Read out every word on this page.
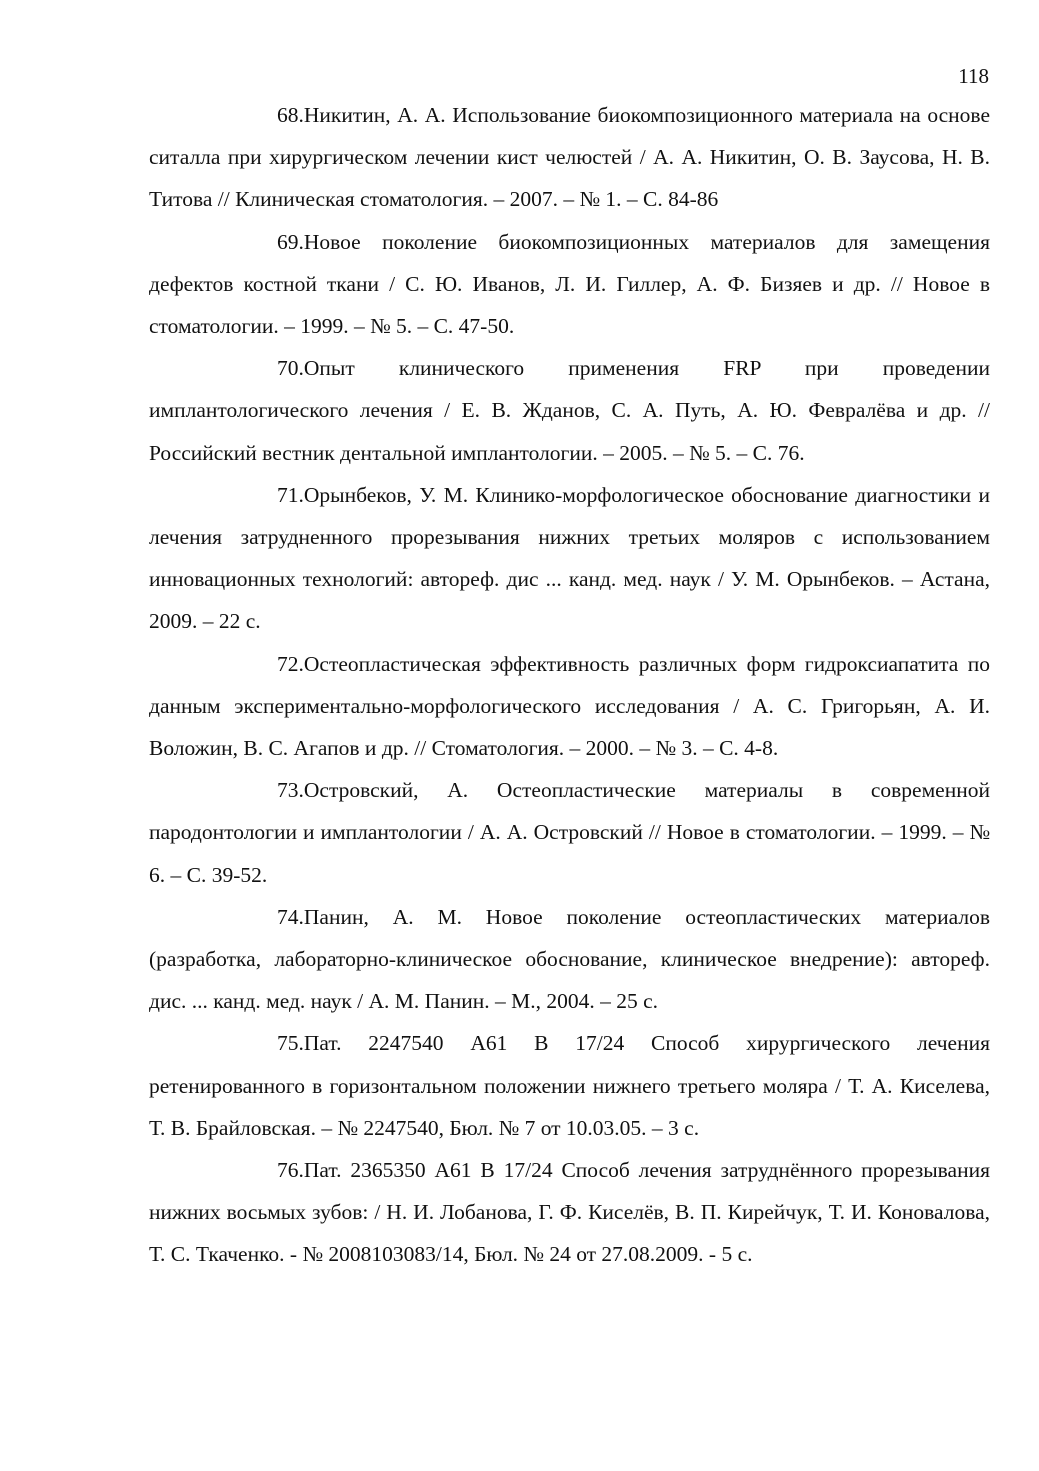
118
68.Никитин, А. А. Использование биокомпозиционного материала на основе ситалла при хирургическом лечении кист челюстей / А. А. Никитин, О. В. Заусова, Н. В. Титова // Клиническая стоматология. – 2007. – № 1. – С. 84-86
69.Новое поколение биокомпозиционных материалов для замещения дефектов костной ткани / С. Ю. Иванов, Л. И. Гиллер, А. Ф. Бизяев и др. // Новое в стоматологии. – 1999. – № 5. – С. 47-50.
70.Опыт клинического применения FRP при проведении имплантологического лечения / Е. В. Жданов, С. А. Путь, А. Ю. Февралёва и др. // Российский вестник дентальной имплантологии. – 2005. – № 5. – С. 76.
71.Орынбеков, У. М. Клинико-морфологическое обоснование диагностики и лечения затрудненного прорезывания нижних третьих моляров с использованием инновационных технологий: автореф. дис ... канд. мед. наук / У. М. Орынбеков. – Астана, 2009. – 22 с.
72.Остеопластическая эффективность различных форм гидроксиапатита по данным экспериментально-морфологического исследования / А. С. Григорьян, А. И. Воложин, В. С. Агапов и др. // Стоматология. – 2000. – № 3. – С. 4-8.
73.Островский, А. Остеопластические материалы в современной пародонтологии и имплантологии / А. А. Островский // Новое в стоматологии. – 1999. – № 6. – С. 39-52.
74.Панин, А. М. Новое поколение остеопластических материалов (разработка, лабораторно-клиническое обоснование, клиническое внедрение): автореф. дис. ... канд. мед. наук / А. М. Панин. – М., 2004. – 25 с.
75.Пат. 2247540 А61 В 17/24 Способ хирургического лечения ретенированного в горизонтальном положении нижнего третьего моляра / Т. А. Киселева, Т. В. Брайловская. – № 2247540, Бюл. № 7 от 10.03.05. – 3 с.
76.Пат. 2365350 А61 В 17/24 Способ лечения затруднённого прорезывания нижних восьмых зубов: / Н. И. Лобанова, Г. Ф. Киселёв, В. П. Кирейчук, Т. И. Коновалова, Т. С. Ткаченко. - № 2008103083/14, Бюл. № 24 от 27.08.2009. - 5 с.
